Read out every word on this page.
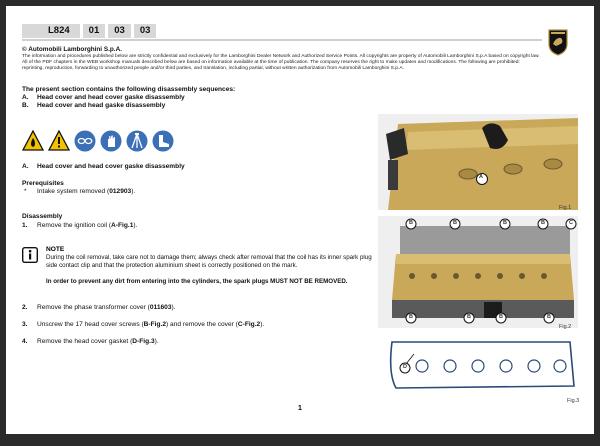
L824	01	03	03
© Automobili Lamborghini S.p.A.
The information and procedures published below are strictly confidential and exclusively for the Lamborghini Dealer Network and Authorized Service Points. All copyrights are property of Automobili Lamborghini S.p.A based on copyright law. All of the PDF chapters in the WEB workshop manuals described below are based on information available at the time of publication. The company reserves the right to make updates and modifications. The following are prohibited: reprinting, reproduction, forwarding to unauthorized people and/or third parties, and translation, including partial, without written authorization from Automobili Lamborghini S.p.A.
The present section contains the following disassembly sequences:
A. Head cover and head cover gaske disassembly
B. Head cover and head gaske disassembly
A. Head cover and head cover gaske disassembly
Prerequisites
* Intake system removed (012903).
Disassembly
1. Remove the ignition coil (A-Fig.1).
NOTE
During the coil removal, take care not to damage them; always check after removal that the coil has its inner spark plug side contact clip and that the protection aluminium sheet is correctly positioned on the mark.
In order to prevent any dirt from entering into the cylinders, the spark plugs MUST NOT BE REMOVED.
2. Remove the phase transformer cover (011603).
3. Unscrew the 17 head cover screws (B-Fig.2) and remove the cover (C-Fig.2).
4. Remove the head cover gasket (D-Fig.3).
A
Fig.1
B	B	B	B	C
B	B	B	B
Fig.2
D
Fig.3
1
